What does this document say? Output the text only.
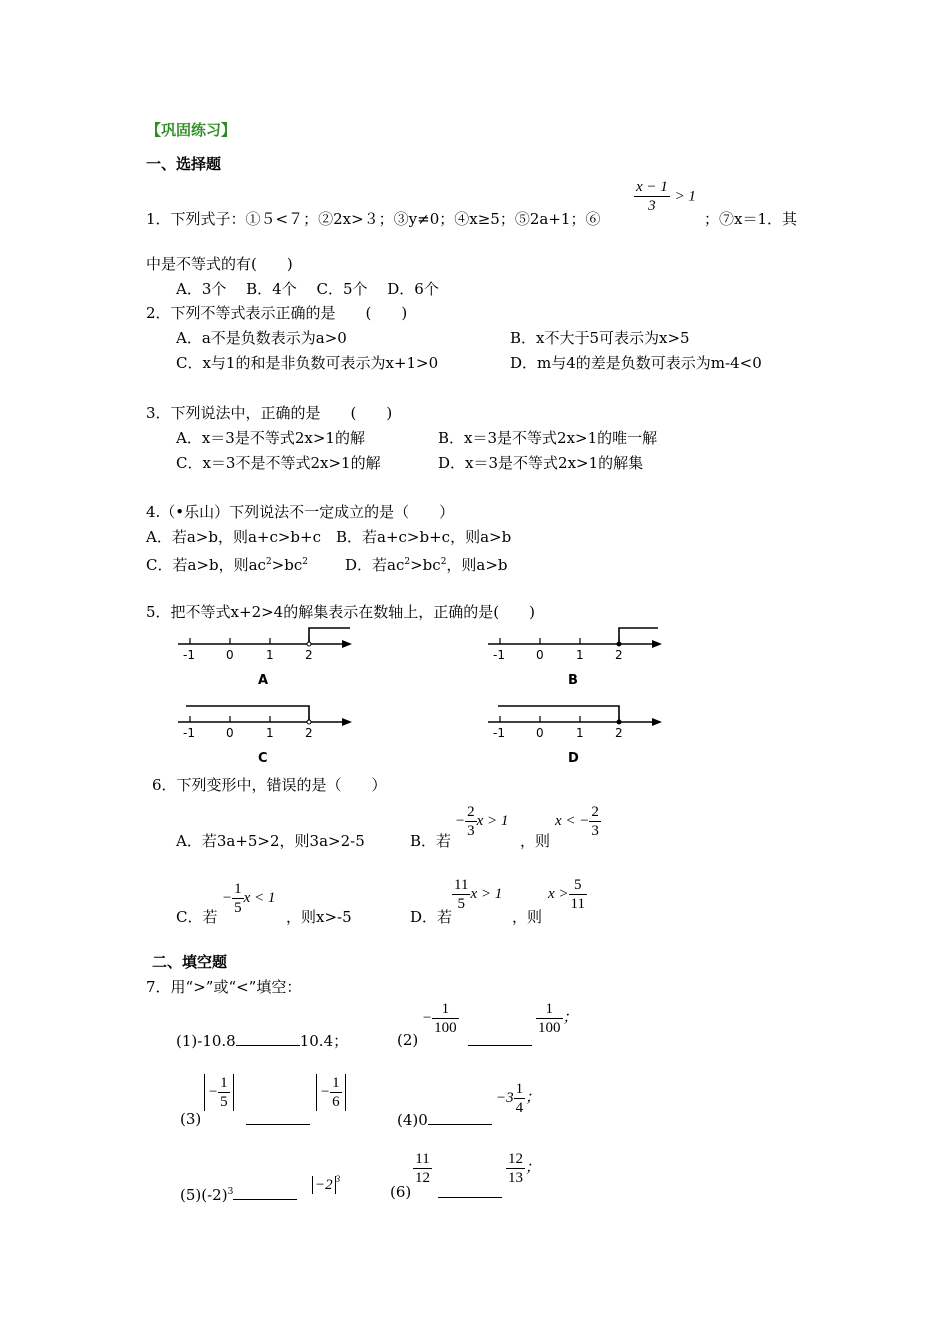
【巩固练习】
一、选择题
1．下列式子：①５<７；②2x>３；③y≠0；④x≥5；⑤2a+1；⑥
$\frac{x - 1}{3} > 1$
；⑦x＝1．其
中是不等式的有(　　)
A．3个　 B．4个　 C．5个　 D．6个
2．下列不等式表示正确的是　　(　　)
A．a不是负数表示为a>0	B．x不大于5可表示为x>5
C．x与1的和是非负数可表示为x+1>0	D．m与4的差是负数可表示为m-4<0
3．下列说法中，正确的是　　(　　)
A．x＝3是不等式2x>1的解	B．x＝3是不等式2x>1的唯一解
C．x＝3不是不等式2x>1的解	D．x＝3是不等式2x>1的解集
4.（•乐山）下列说法不一定成立的是（　　）
A．若a>b，则a+c>b+c　B．若a+c>b+c，则a>b
C．若a>b，则$ac^2>bc^2$ D．若$ac^2>bc^2$，则a>b
5．把不等式x+2>4的解集表示在数轴上，正确的是(　　)
-1	0	1	2
A
-1	0	1	2
B
-1	0	1	2
C
-1	0	1	2
D
6．下列变形中，错误的是（　　）
A．若3a+5>2，则3a>2-5	B．若
− $\frac{2}{3}$ x > 1
，则
x < − $\frac{2}{3}$
C．若
− $\frac{1}{5}$ x < 1
，则x>-5	D．若
$\frac{11}{5}$ x > 1
，则
$x > \frac{5}{11}$
二、填空题
7．用“>”或“<”填空：
(1)-10.8	10.4；	(2)
− $\frac{1}{100}$	$\frac{1}{100}$ ；
(3)
− $\frac{1}{5}$	− $\frac{1}{6}$
(4)0
$-3 \frac{1}{4}$ ；
$(5)(-2)^3$	−2 $^3$
(6)
$\frac{11}{12}$	$\frac{12}{13}$ ；
